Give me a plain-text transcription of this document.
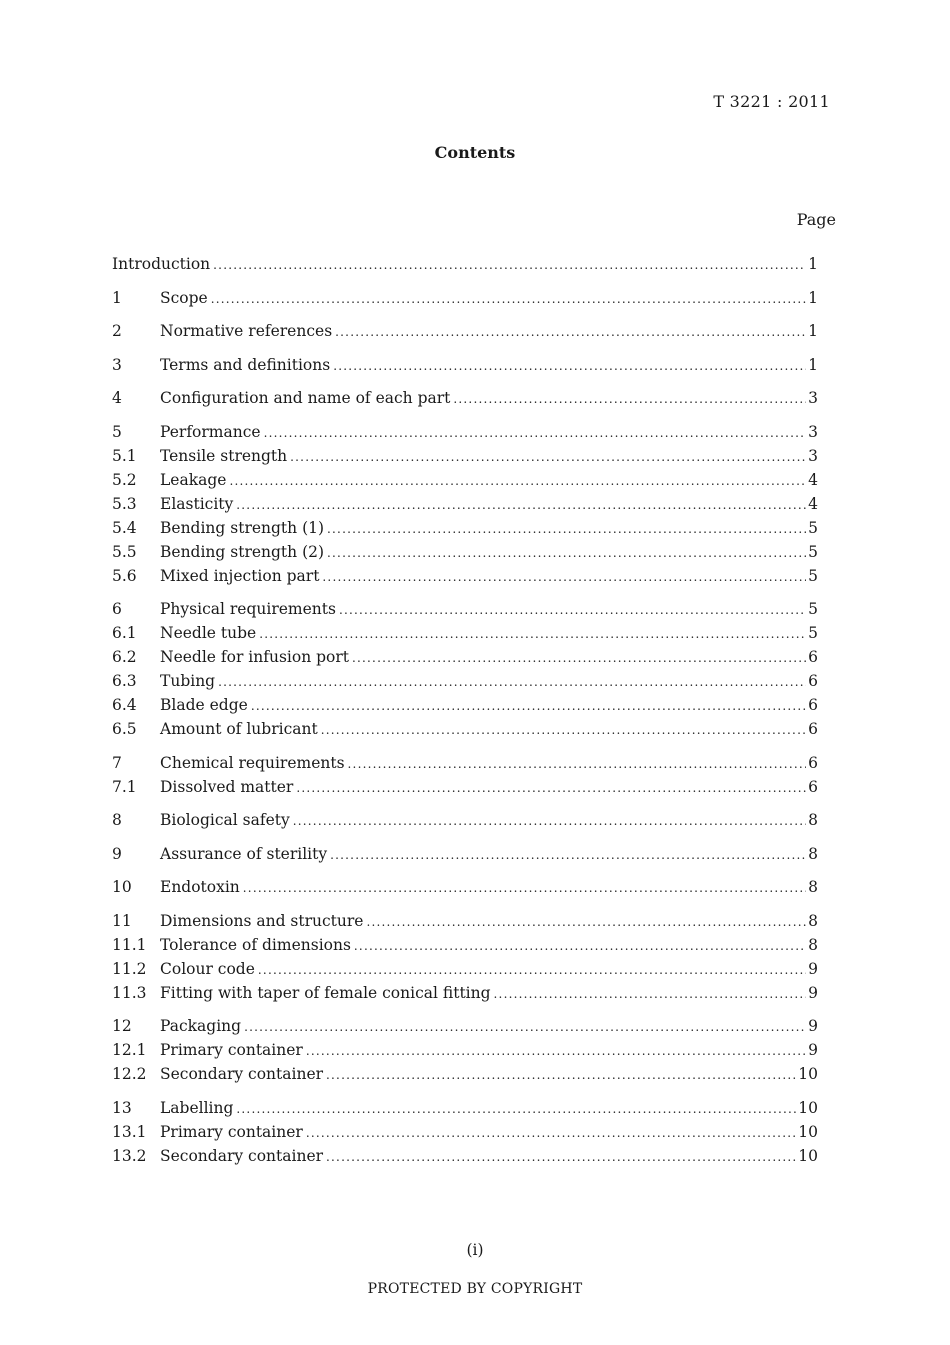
T 3221 : 2011
Contents
Page
Introduction .....	1
1	Scope .....	1
2	Normative references .....	1
3	Terms and definitions .....	1
4	Configuration and name of each part .....	3
5	Performance .....	3
5.1	Tensile strength .....	3
5.2	Leakage .....	4
5.3	Elasticity .....	4
5.4	Bending strength (1) .....	5
5.5	Bending strength (2) .....	5
5.6	Mixed injection part .....	5
6	Physical requirements .....	5
6.1	Needle tube .....	5
6.2	Needle for infusion port .....	6
6.3	Tubing .....	6
6.4	Blade edge .....	6
6.5	Amount of lubricant .....	6
7	Chemical requirements .....	6
7.1	Dissolved matter .....	6
8	Biological safety .....	8
9	Assurance of sterility .....	8
10	Endotoxin .....	8
11	Dimensions and structure .....	8
11.1 Tolerance of dimensions .....	8
11.2 Colour code .....	9
11.3 Fitting with taper of female conical fitting .....	9
12	Packaging .....	9
12.1 Primary container .....	9
12.2 Secondary container .....	10
13	Labelling .....	10
13.1 Primary container .....	10
13.2 Secondary container .....	10
(i)
PROTECTED BY COPYRIGHT
